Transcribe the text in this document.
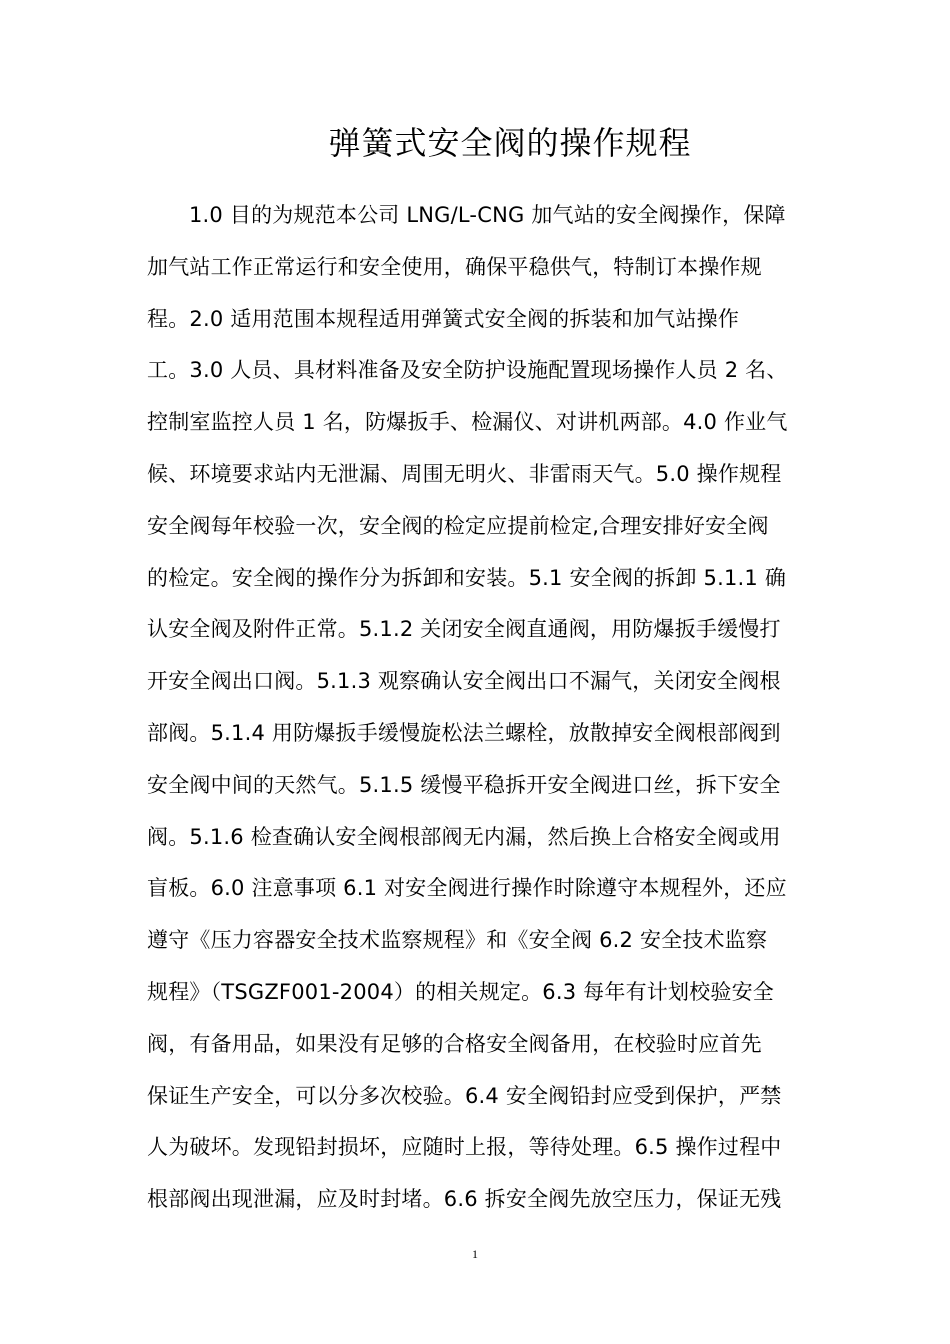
弹簧式安全阀的操作规程
1.0 目的为规范本公司 LNG/L-CNG 加气站的安全阀操作，保障
加气站工作正常运行和安全使用，确保平稳供气，特制订本操作规
程。2.0 适用范围本规程适用弹簧式安全阀的拆装和加气站操作
工。3.0 人员、具材料准备及安全防护设施配置现场操作人员 2 名、
控制室监控人员 1 名，防爆扳手、检漏仪、对讲机两部。4.0 作业气
候、环境要求站内无泄漏、周围无明火、非雷雨天气。5.0 操作规程
安全阀每年校验一次，安全阀的检定应提前检定,合理安排好安全阀
的检定。安全阀的操作分为拆卸和安装。5.1 安全阀的拆卸 5.1.1 确
认安全阀及附件正常。5.1.2 关闭安全阀直通阀，用防爆扳手缓慢打
开安全阀出口阀。5.1.3 观察确认安全阀出口不漏气，关闭安全阀根
部阀。5.1.4 用防爆扳手缓慢旋松法兰螺栓，放散掉安全阀根部阀到
安全阀中间的天然气。5.1.5 缓慢平稳拆开安全阀进口丝，拆下安全
阀。5.1.6 检查确认安全阀根部阀无内漏，然后换上合格安全阀或用
盲板。6.0 注意事项 6.1 对安全阀进行操作时除遵守本规程外，还应
遵守《压力容器安全技术监察规程》和《安全阀 6.2 安全技术监察
规程》（TSGZF001-2004）的相关规定。6.3 每年有计划校验安全
阀，有备用品，如果没有足够的合格安全阀备用，在校验时应首先
保证生产安全，可以分多次校验。6.4 安全阀铅封应受到保护，严禁
人为破坏。发现铅封损坏，应随时上报，等待处理。6.5 操作过程中
根部阀出现泄漏，应及时封堵。6.6 拆安全阀先放空压力，保证无残
1
